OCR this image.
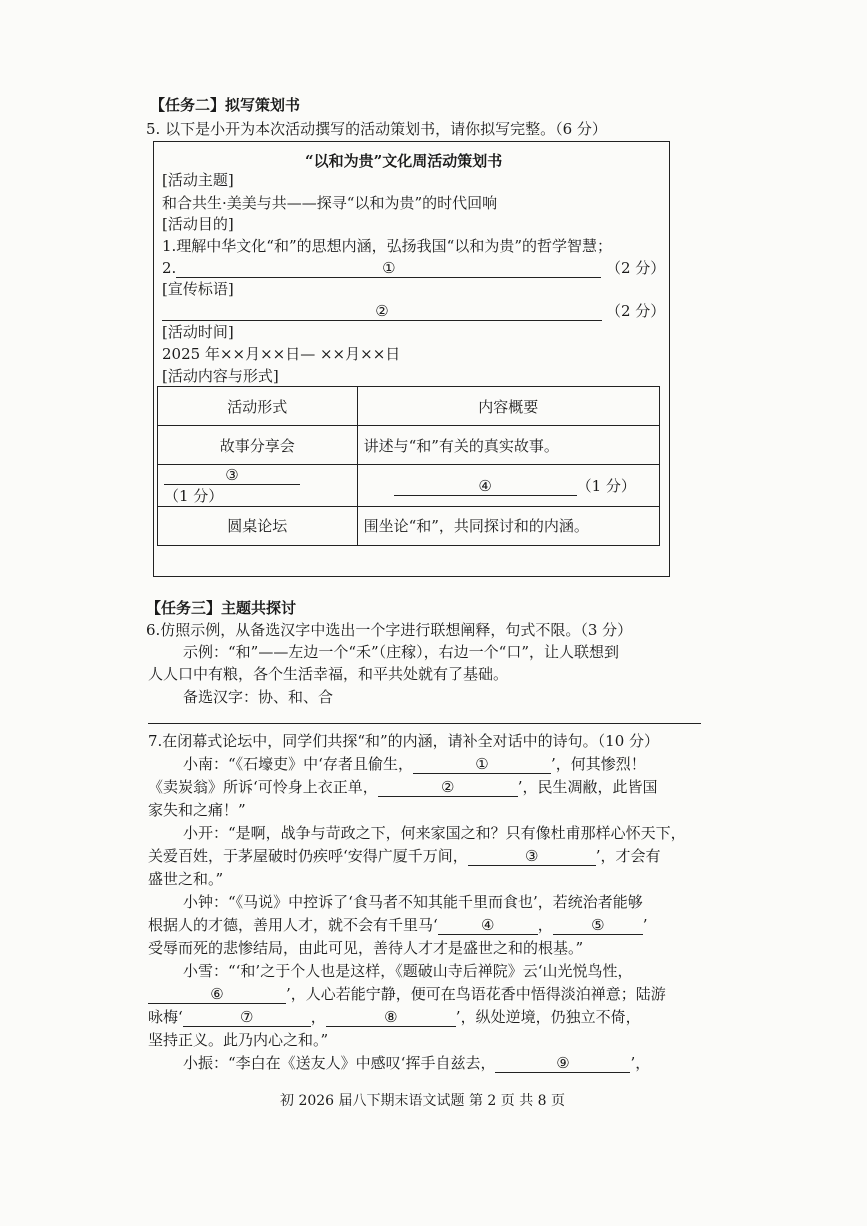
【任务二】拟写策划书
5. 以下是小开为本次活动撰写的活动策划书，请你拟写完整。（6 分）
“以和为贵”文化周活动策划书
[活动主题]
和合共生·美美与共——探寻“以和为贵”的时代回响
[活动目的]
1.理解中华文化“和”的思想内涵，弘扬我国“以和为贵”的哲学智慧；
2.	①	（2 分）
[宣传标语]
②	（2 分）
[活动时间]
2025 年××月××日— ××月××日
[活动内容与形式]
活动形式	内容概要
故事分享会	讲述与“和”有关的真实故事。
③（1 分）	④ （1 分）
圆桌论坛	围坐论“和”，共同探讨和的内涵。
【任务三】主题共探讨
6.仿照示例，从备选汉字中选出一个字进行联想阐释，句式不限。（3 分）
示例：“和”——左边一个“禾”（庄稼），右边一个“口”，让人联想到
人人口中有粮，各个生活幸福，和平共处就有了基础。
备选汉字：协、和、合
7.在闭幕式论坛中，同学们共探“和”的内涵，请补全对话中的诗句。（10 分）
小南：“《石壕吏》中‘存者且偷生，	①	’，何其惨烈！
《卖炭翁》所诉‘可怜身上衣正单，	②	’，民生凋敝，此皆国
家失和之痛！”
小开：“是啊，战争与苛政之下，何来家国之和？只有像杜甫那样心怀天下，
关爱百姓，于茅屋破时仍疾呼‘安得广厦千万间，	③	’，才会有
盛世之和。”
小钟：“《马说》中控诉了‘食马者不知其能千里而食也’，若统治者能够
根据人的才德，善用人才，就不会有千里马‘	④	，	⑤	’
受辱而死的悲惨结局，由此可见，善待人才才是盛世之和的根基。”
小雪：“‘和’之于个人也是这样，《题破山寺后禅院》云‘山光悦鸟性，
⑥	’，人心若能宁静，便可在鸟语花香中悟得淡泊禅意；陆游
咏梅‘	⑦	，	⑧	’，纵处逆境，仍独立不倚，
坚持正义。此乃内心之和。”
小振：“李白在《送友人》中感叹‘挥手自兹去，	⑨	’，
初 2026 届八下期末语文试题 第 2 页 共 8 页
